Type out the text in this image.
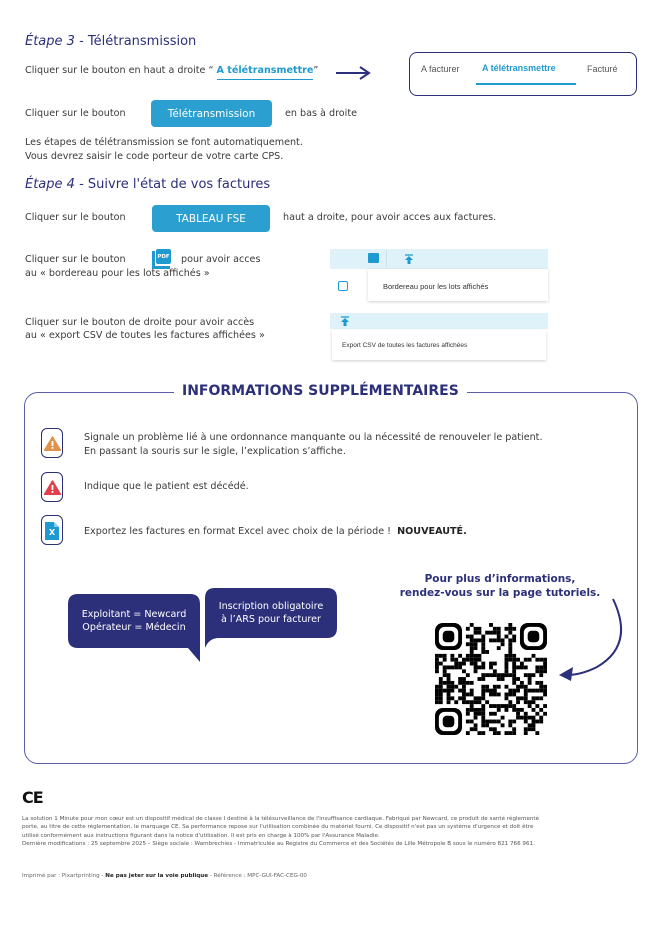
Étape 3 - Télétransmission
Cliquer sur le bouton en haut a droite “ A télétransmettre”	A facturer A télétransmettre	Facturé
Cliquer sur le bouton	Télétransmission	en bas à droite
Les étapes de télétransmission se font automatiquement.
Vous devrez saisir le code porteur de votre carte CPS.
Étape 4 - Suivre l'état de vos factures
Cliquer sur le bouton	TABLEAU FSE	haut a droite, pour avoir acces aux factures.
Cliquer sur le bouton	PDF pour avoir acces
au « bordereau pour les lots affichés »
Bordereau pour les lots affichés
Cliquer sur le bouton de droite pour avoir accès
au « export CSV de toutes les factures affichées »
Export CSV de toutes les factures affichées
INFORMATIONS SUPPLÉMENTAIRES
Signale un problème lié à une ordonnance manquante ou la nécessité de renouveler le patient.
En passant la souris sur le sigle, l’explication s’affiche.
Indique que le patient est décédé.
X	Exportez les factures en format Excel avec choix de la période ! NOUVEAUTÉ.
Exploitant = Newcard
Opérateur = Médecin
Inscription obligatoire
à l’ARS pour facturer
Pour plus d’informations,
rendez-vous sur la page tutoriels.
CE
La solution 1 Minute pour mon cœur est un dispositif médical de classe I destiné à la télésurveillance de l'insuffisance cardiaque. Fabriqué par Newcard, ce produit de santé réglementé
porte, au titre de cette réglementation, le marquage CE. Sa performance repose sur l'utilisation combinée du matériel fourni. Ce dispositif n'est pas un système d'urgence et doit être
utilisé conformément aux instructions figurant dans la notice d'utilisation. Il est pris en charge à 100% par l'Assurance Maladie.
Dernière modifications : 25 septembre 2025 – Siège sociale : Wambrechies - Immatriculée au Registre du Commerce et des Sociétés de Lille Métropole B sous le numéro 821 766 961.
Imprimé par : Pixartprinting - Ne pas jeter sur la voie publique - Référence : MPC-GUI-FAC-CEG-00
